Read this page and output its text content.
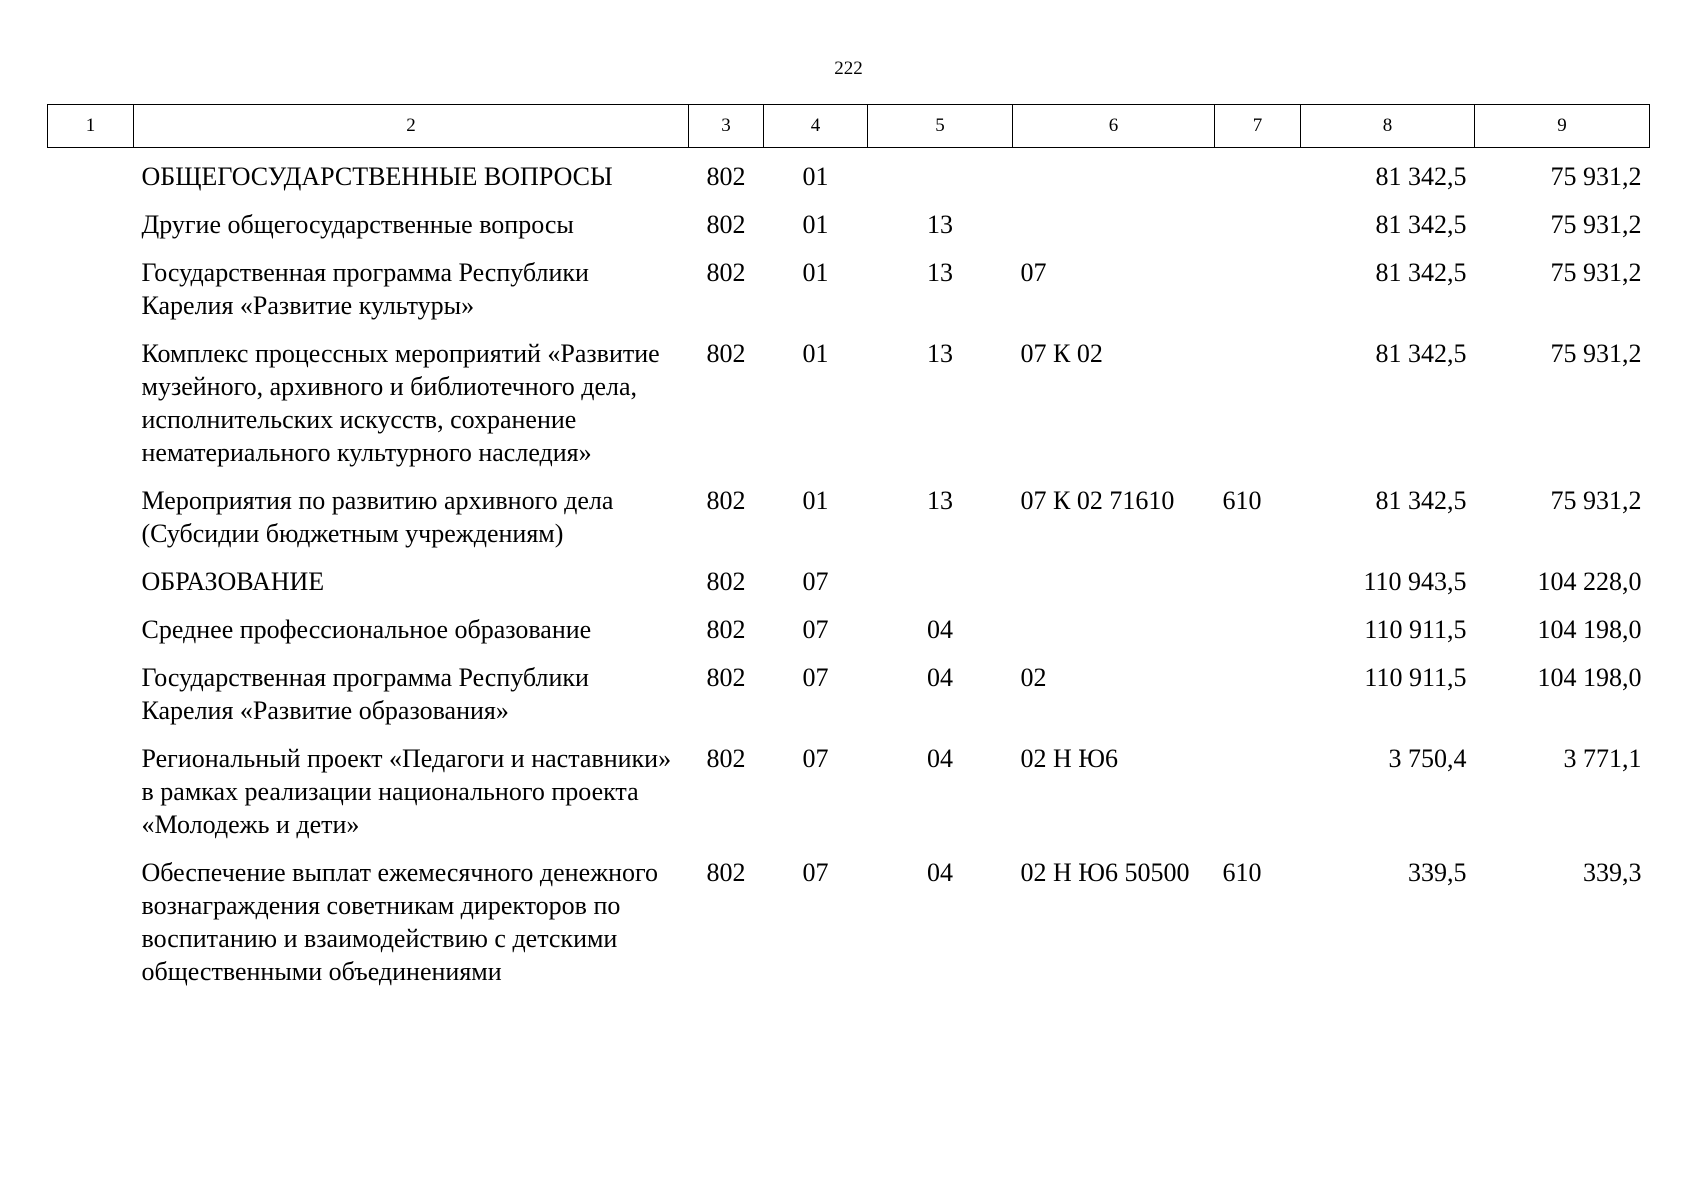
222
1	2	3	4	5	6	7	8	9
	ОБЩЕГОСУДАРСТВЕННЫЕ ВОПРОСЫ	802	01				81 342,5	75 931,2
	Другие общегосударственные вопросы	802	01	13			81 342,5	75 931,2
	Государственная программа Республики Карелия «Развитие культуры»	802	01	13	07		81 342,5	75 931,2
	Комплекс процессных мероприятий «Развитие музейного, архивного и библиотечного дела, исполнительских искусств, сохранение нематериального культурного наследия»	802	01	13	07 К 02		81 342,5	75 931,2
	Мероприятия по развитию архивного дела (Субсидии бюджетным учреждениям)	802	01	13	07 К 02 71610	610	81 342,5	75 931,2
	ОБРАЗОВАНИЕ	802	07				110 943,5	104 228,0
	Среднее профессиональное образование	802	07	04			110 911,5	104 198,0
	Государственная программа Республики Карелия «Развитие образования»	802	07	04	02		110 911,5	104 198,0
	Региональный проект «Педагоги и наставники» в рамках реализации национального проекта «Молодежь и дети»	802	07	04	02 Н Ю6		3 750,4	3 771,1
	Обеспечение выплат ежемесячного денежного вознаграждения советникам директоров по воспитанию и взаимодействию с детскими общественными объединениями	802	07	04	02 Н Ю6 50500	610	339,5	339,3
